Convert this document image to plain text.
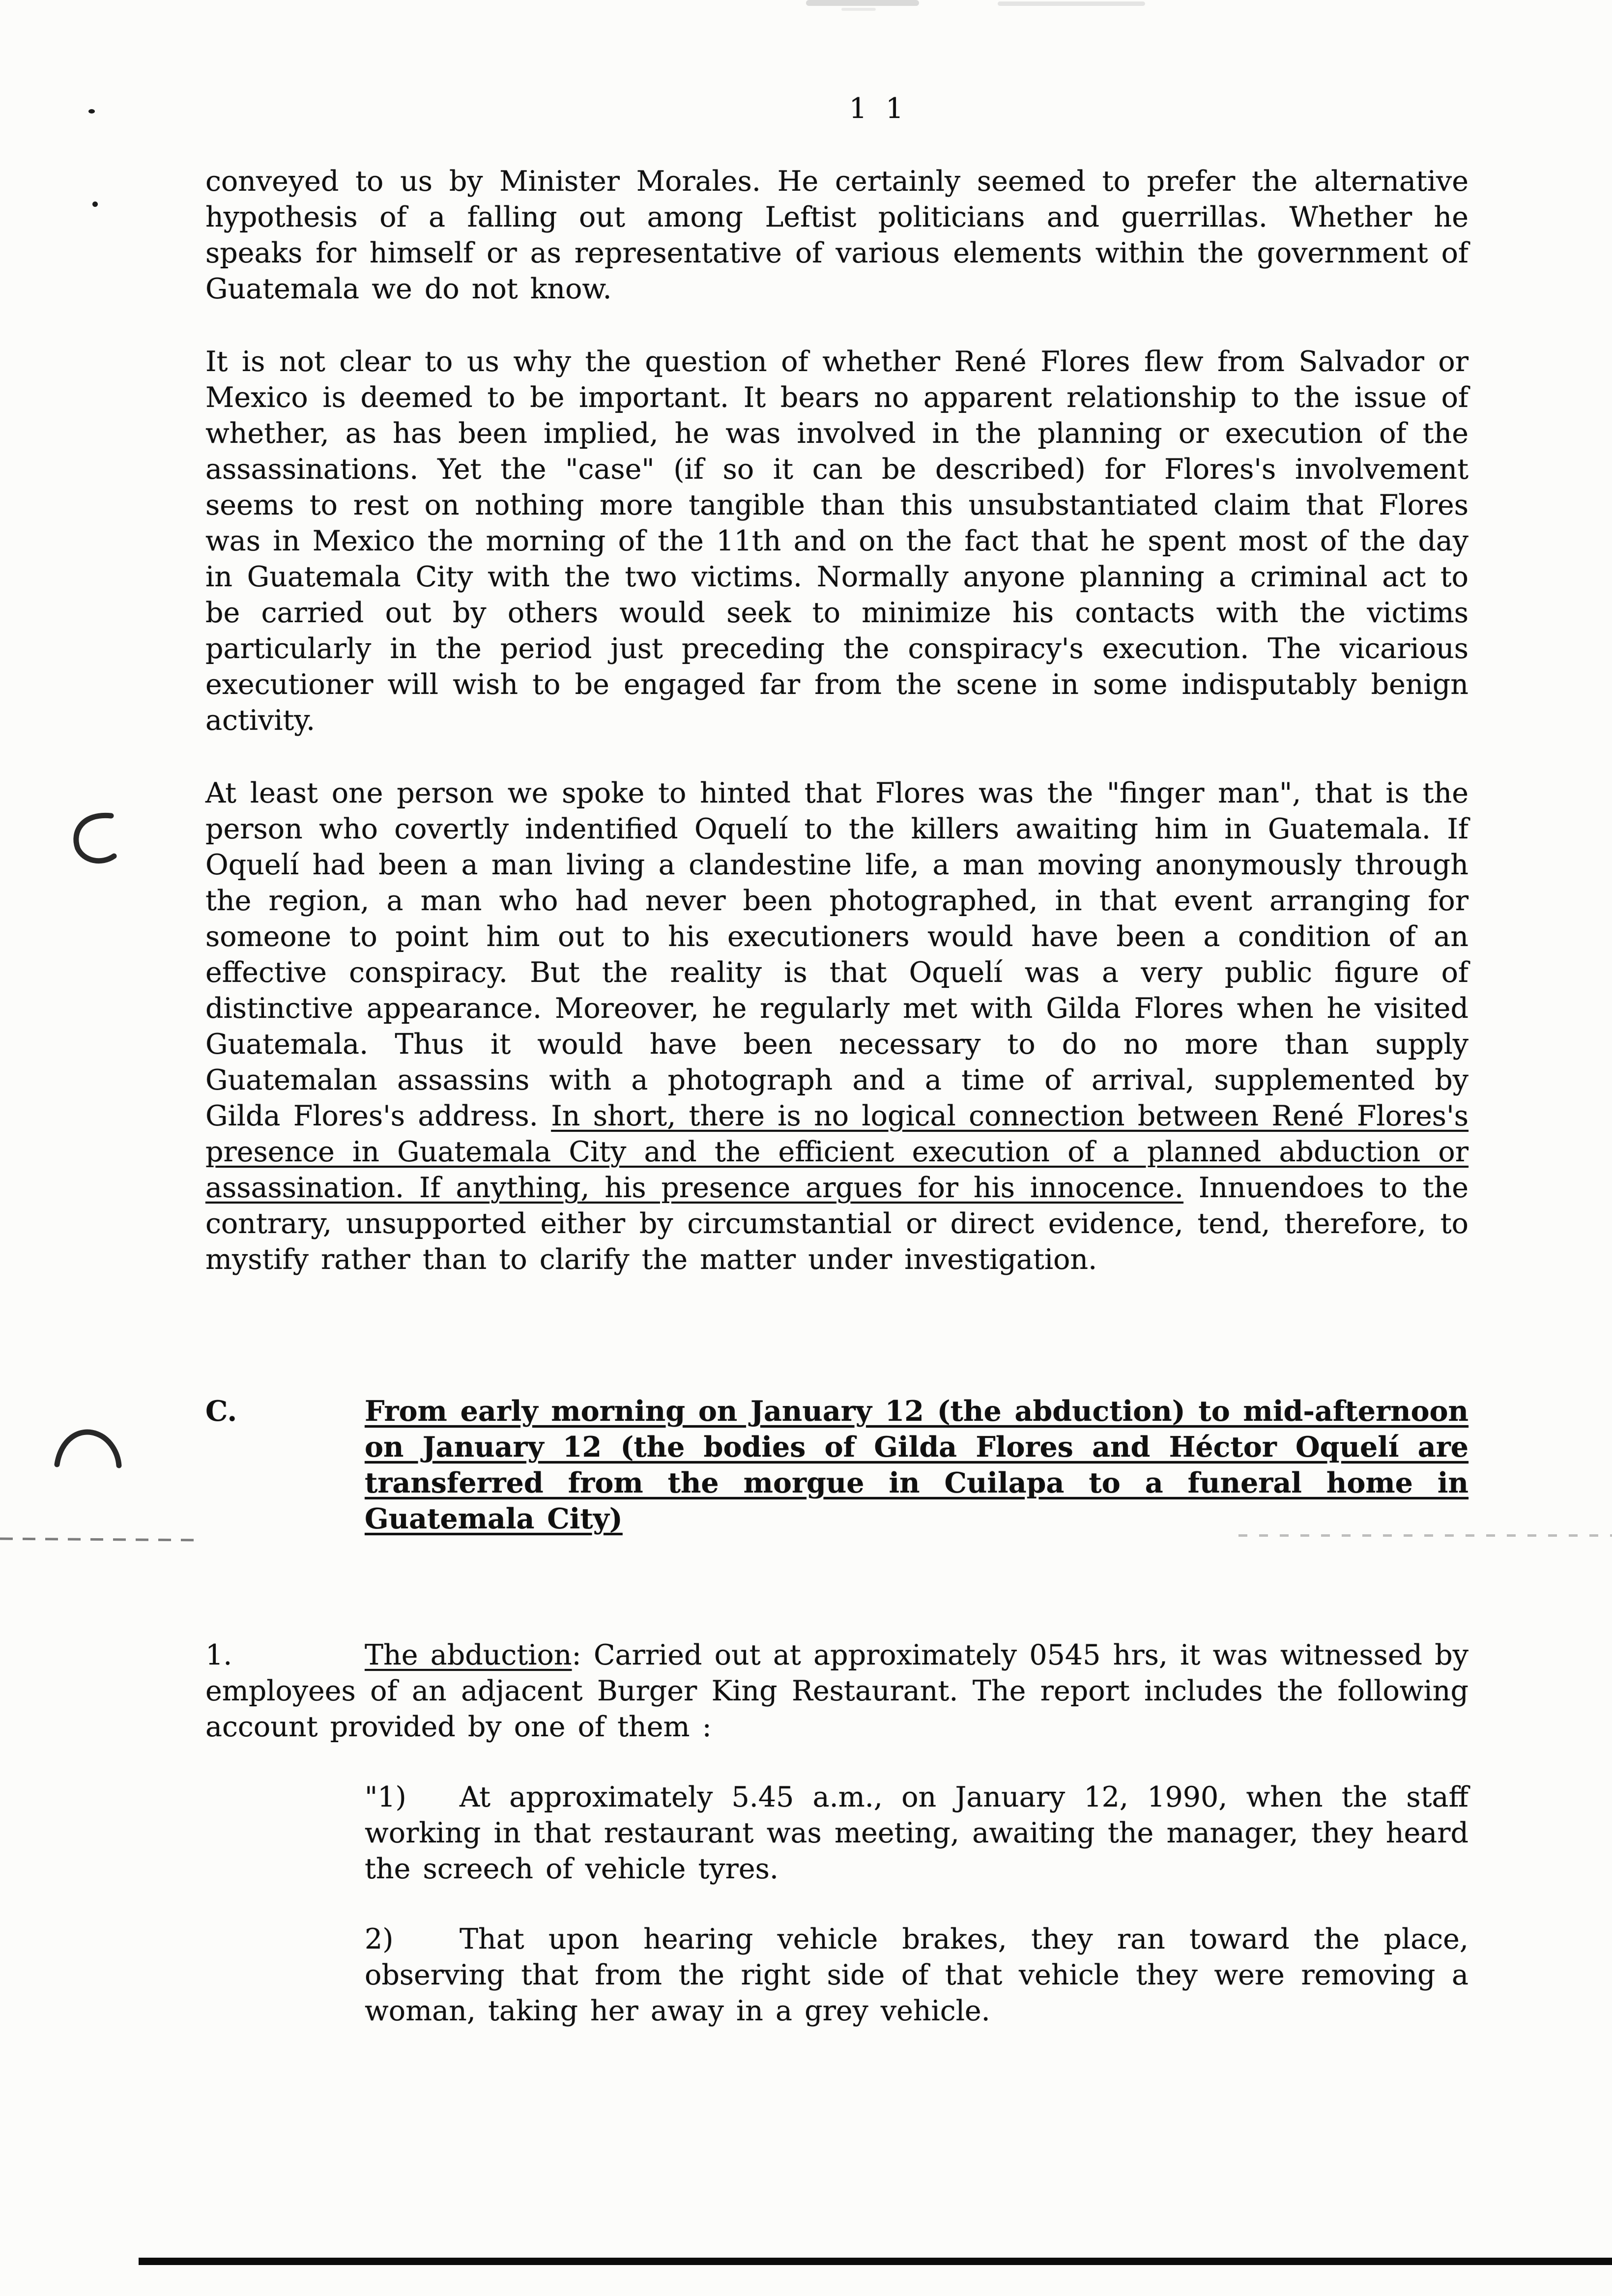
1 1

conveyed to us by Minister Morales. He certainly seemed to prefer the alternative hypothesis of a falling out among Leftist politicians and guerrillas. Whether he speaks for himself or as representative of various elements within the government of Guatemala we do not know.

It is not clear to us why the question of whether René Flores flew from Salvador or Mexico is deemed to be important. It bears no apparent relationship to the issue of whether, as has been implied, he was involved in the planning or execution of the assassinations. Yet the "case" (if so it can be described) for Flores's involvement seems to rest on nothing more tangible than this unsubstantiated claim that Flores was in Mexico the morning of the 11th and on the fact that he spent most of the day in Guatemala City with the two victims. Normally anyone planning a criminal act to be carried out by others would seek to minimize his contacts with the victims particularly in the period just preceding the conspiracy's execution. The vicarious executioner will wish to be engaged far from the scene in some indisputably benign activity.

At least one person we spoke to hinted that Flores was the "finger man", that is the person who covertly indentified Oquelí to the killers awaiting him in Guatemala. If Oquelí had been a man living a clandestine life, a man moving anonymously through the region, a man who had never been photographed, in that event arranging for someone to point him out to his executioners would have been a condition of an effective conspiracy. But the reality is that Oquelí was a very public figure of distinctive appearance. Moreover, he regularly met with Gilda Flores when he visited Guatemala. Thus it would have been necessary to do no more than supply Guatemalan assassins with a photograph and a time of arrival, supplemented by Gilda Flores's address. In short, there is no logical connection between René Flores's presence in Guatemala City and the efficient execution of a planned abduction or assassination. If anything, his presence argues for his innocence. Innuendoes to the contrary, unsupported either by circumstantial or direct evidence, tend, therefore, to mystify rather than to clarify the matter under investigation.

C.	From early morning on January 12 (the abduction) to mid-afternoon on January 12 (the bodies of Gilda Flores and Héctor Oquelí are transferred from the morgue in Cuilapa to a funeral home in Guatemala City)

1.	The abduction: Carried out at approximately 0545 hrs, it was witnessed by employees of an adjacent Burger King Restaurant. The report includes the following account provided by one of them :

"1) At approximately 5.45 a.m., on January 12, 1990, when the staff working in that restaurant was meeting, awaiting the manager, they heard the screech of vehicle tyres.

2) That upon hearing vehicle brakes, they ran toward the place, observing that from the right side of that vehicle they were removing a woman, taking her away in a grey vehicle.
